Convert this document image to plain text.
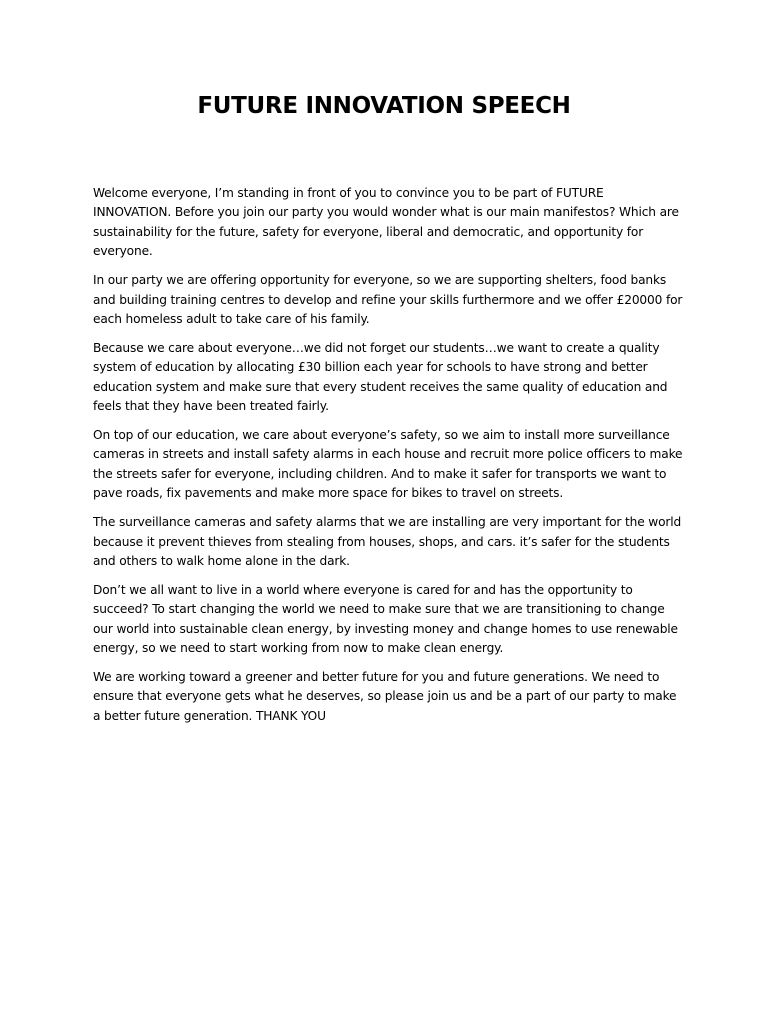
FUTURE INNOVATION SPEECH

Welcome everyone, I’m standing in front of you to convince you to be part of FUTURE INNOVATION. Before you join our party you would wonder what is our main manifestos? Which are sustainability for the future, safety for everyone, liberal and democratic, and opportunity for everyone.

In our party we are offering opportunity for everyone, so we are supporting shelters, food banks and building training centres to develop and refine your skills furthermore and we offer £20000 for each homeless adult to take care of his family.

Because we care about everyone…we did not forget our students…we want to create a quality system of education by allocating £30 billion each year for schools to have strong and better education system and make sure that every student receives the same quality of education and feels that they have been treated fairly.

On top of our education, we care about everyone’s safety, so we aim to install more surveillance cameras in streets and install safety alarms in each house and recruit more police officers to make the streets safer for everyone, including children. And to make it safer for transports we want to pave roads, fix pavements and make more space for bikes to travel on streets.

The surveillance cameras and safety alarms that we are installing are very important for the world because it prevent thieves from stealing from houses, shops, and cars. it’s safer for the students and others to walk home alone in the dark.

Don’t we all want to live in a world where everyone is cared for and has the opportunity to succeed? To start changing the world we need to make sure that we are transitioning to change our world into sustainable clean energy, by investing money and change homes to use renewable energy, so we need to start working from now to make clean energy.

We are working toward a greener and better future for you and future generations. We need to ensure that everyone gets what he deserves, so please join us and be a part of our party to make a better future generation. THANK YOU
